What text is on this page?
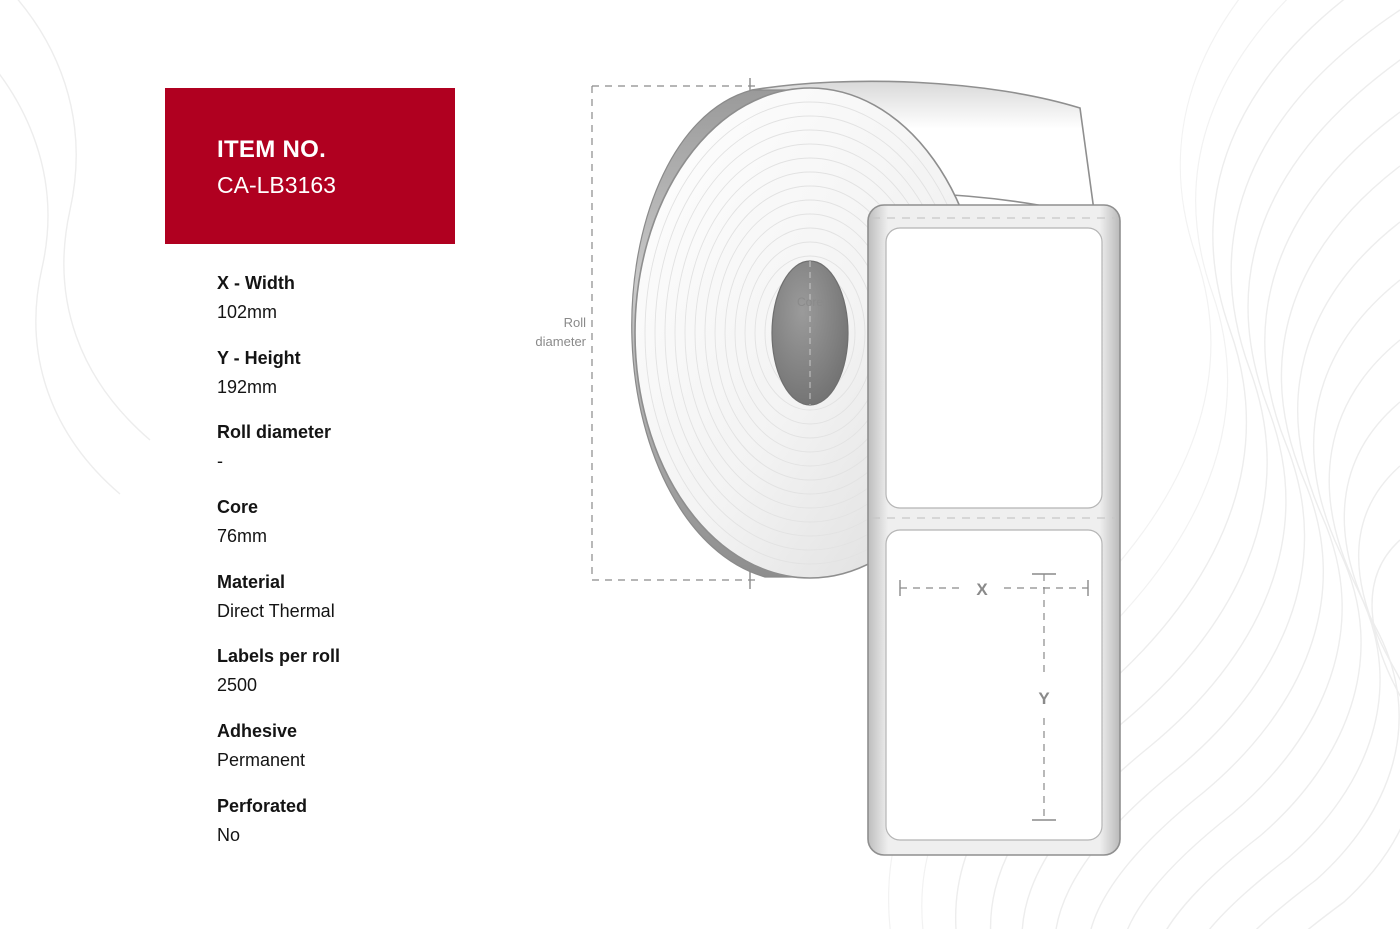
ITEM NO.
CA-LB3163
X - Width
102mm
Y - Height
192mm
Roll diameter
-
Core
76mm
Material
Direct Thermal
Labels per roll
2500
Adhesive
Permanent
Perforated
No
Roll
diameter
Core
X
Y
